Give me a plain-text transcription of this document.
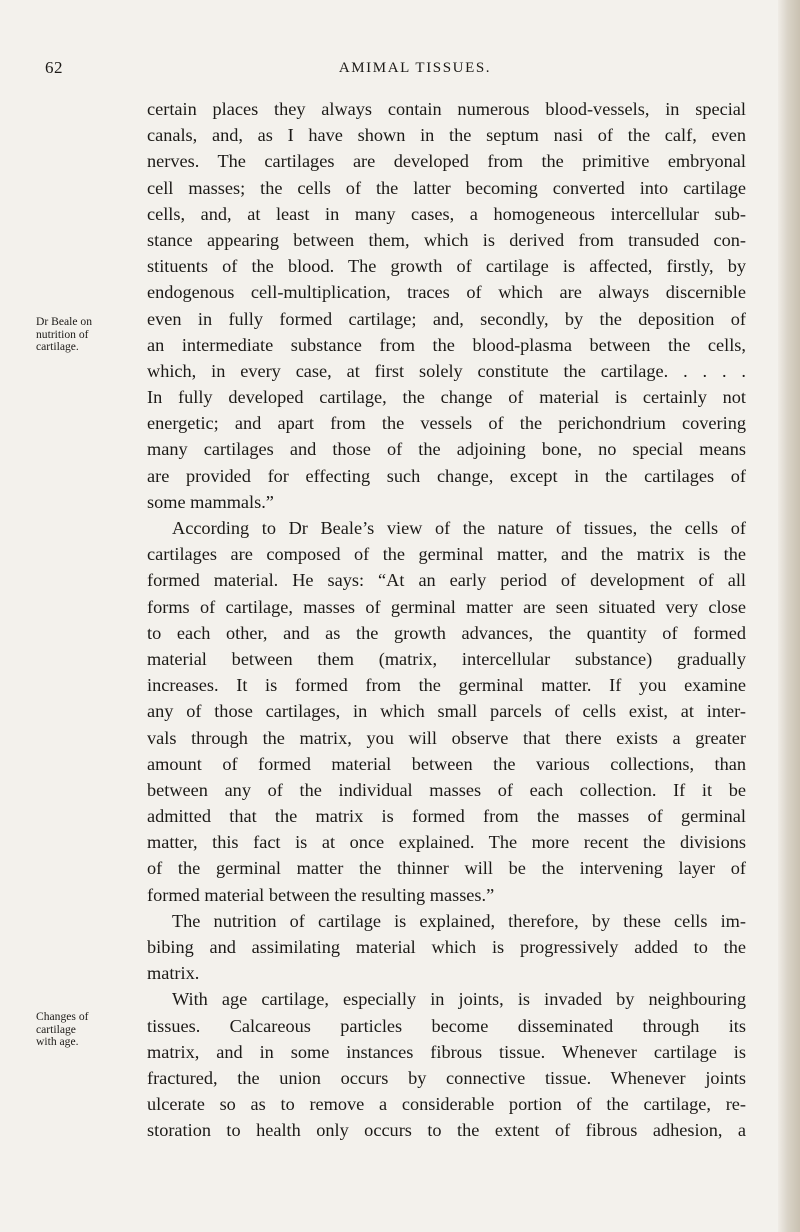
62	AMIMAL TISSUES.
Dr Beale on
nutrition of
cartilage.
Changes of
cartilage
with age.
certain places they always contain numerous blood-vessels, in special
canals, and, as I have shown in the septum nasi of the calf, even
nerves. The cartilages are developed from the primitive embryonal
cell masses; the cells of the latter becoming converted into cartilage
cells, and, at least in many cases, a homogeneous intercellular sub-
stance appearing between them, which is derived from transuded con-
stituents of the blood. The growth of cartilage is affected, firstly, by
endogenous cell-multiplication, traces of which are always discernible
even in fully formed cartilage; and, secondly, by the deposition of
an intermediate substance from the blood-plasma between the cells,
which, in every case, at first solely constitute the cartilage. . . . .
In fully developed cartilage, the change of material is certainly not
energetic; and apart from the vessels of the perichondrium covering
many cartilages and those of the adjoining bone, no special means
are provided for effecting such change, except in the cartilages of
some mammals.”
According to Dr Beale’s view of the nature of tissues, the cells of
cartilages are composed of the germinal matter, and the matrix is the
formed material. He says: “At an early period of development of all
forms of cartilage, masses of germinal matter are seen situated very close
to each other, and as the growth advances, the quantity of formed
material between them (matrix, intercellular substance) gradually
increases. It is formed from the germinal matter. If you examine
any of those cartilages, in which small parcels of cells exist, at inter-
vals through the matrix, you will observe that there exists a greater
amount of formed material between the various collections, than
between any of the individual masses of each collection. If it be
admitted that the matrix is formed from the masses of germinal
matter, this fact is at once explained. The more recent the divisions
of the germinal matter the thinner will be the intervening layer of
formed material between the resulting masses.”
The nutrition of cartilage is explained, therefore, by these cells im-
bibing and assimilating material which is progressively added to the
matrix.
With age cartilage, especially in joints, is invaded by neighbouring
tissues. Calcareous particles become disseminated through its
matrix, and in some instances fibrous tissue. Whenever cartilage is
fractured, the union occurs by connective tissue. Whenever joints
ulcerate so as to remove a considerable portion of the cartilage, re-
storation to health only occurs to the extent of fibrous adhesion, a
